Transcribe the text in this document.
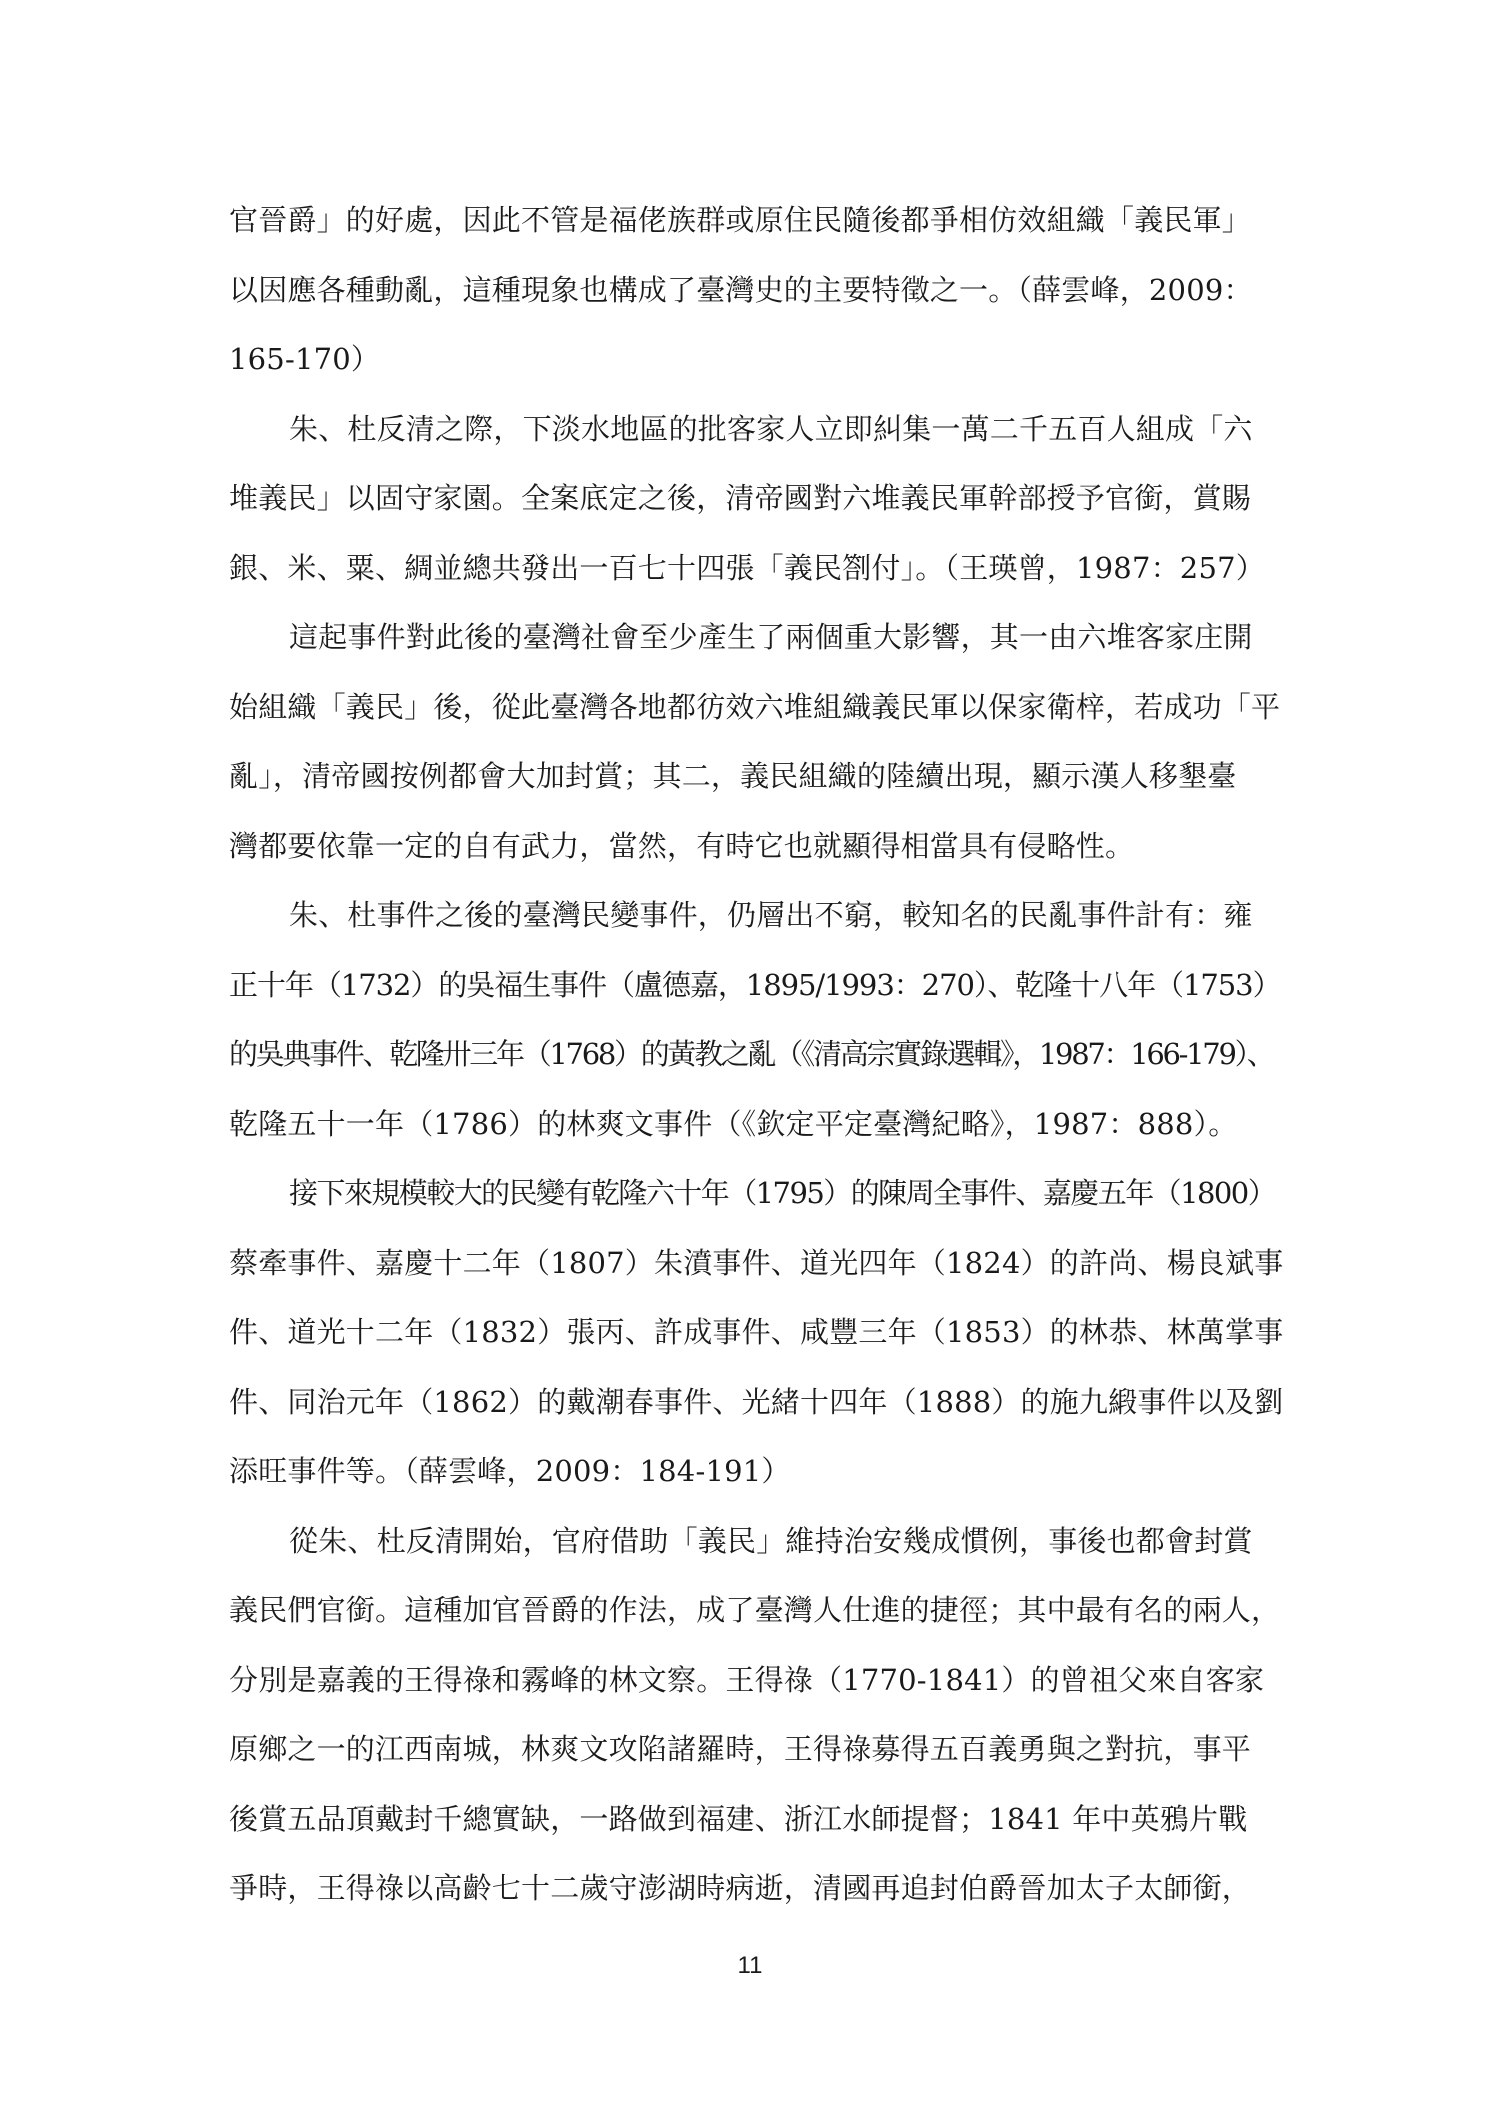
官晉爵」的好處，因此不管是福佬族群或原住民隨後都爭相仿效組織「義民軍」
以因應各種動亂，這種現象也構成了臺灣史的主要特徵之一。（薛雲峰，2009：
165-170）
朱、杜反清之際，下淡水地區的批客家人立即糾集一萬二千五百人組成「六
堆義民」以固守家園。全案底定之後，清帝國對六堆義民軍幹部授予官銜，賞賜
銀、米、粟、綢並總共發出一百七十四張「義民劄付」。（王瑛曾，1987：257）
這起事件對此後的臺灣社會至少產生了兩個重大影響，其一由六堆客家庄開
始組織「義民」後，從此臺灣各地都彷效六堆組織義民軍以保家衛梓，若成功「平
亂」，清帝國按例都會大加封賞；其二，義民組織的陸續出現，顯示漢人移墾臺
灣都要依靠一定的自有武力，當然，有時它也就顯得相當具有侵略性。
朱、杜事件之後的臺灣民變事件，仍層出不窮，較知名的民亂事件計有：雍
正十年（1732）的吳福生事件（盧德嘉，1895/1993：270）、乾隆十八年（1753）
的吳典事件、乾隆卅三年（1768）的黃教之亂（《清高宗實錄選輯》，1987：166-179）、
乾隆五十一年（1786）的林爽文事件（《欽定平定臺灣紀略》，1987：888）。
接下來規模較大的民變有乾隆六十年（1795）的陳周全事件、嘉慶五年（1800）
蔡牽事件、嘉慶十二年（1807）朱濆事件、道光四年（1824）的許尚、楊良斌事
件、道光十二年（1832）張丙、許成事件、咸豐三年（1853）的林恭、林萬掌事
件、同治元年（1862）的戴潮春事件、光緒十四年（1888）的施九緞事件以及劉
添旺事件等。（薛雲峰，2009：184-191）
從朱、杜反清開始，官府借助「義民」維持治安幾成慣例，事後也都會封賞
義民們官銜。這種加官晉爵的作法，成了臺灣人仕進的捷徑；其中最有名的兩人，
分別是嘉義的王得祿和霧峰的林文察。王得祿（1770-1841）的曾祖父來自客家
原鄉之一的江西南城，林爽文攻陷諸羅時，王得祿募得五百義勇與之對抗，事平
後賞五品頂戴封千總實缺，一路做到福建、浙江水師提督；1841 年中英鴉片戰
爭時，王得祿以高齡七十二歲守澎湖時病逝，清國再追封伯爵晉加太子太師銜，
11
